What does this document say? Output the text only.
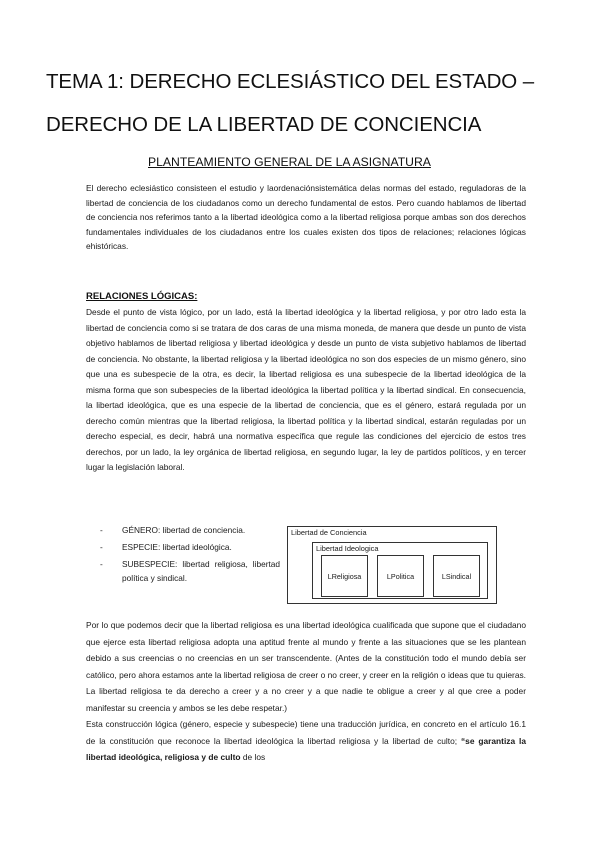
TEMA 1: DERECHO ECLESIÁSTICO DEL ESTADO –
DERECHO DE LA LIBERTAD DE CONCIENCIA
PLANTEAMIENTO GENERAL DE LA ASIGNATURA

El derecho eclesiástico consisteen el estudio y laordenaciónsistemática delas normas del estado, reguladoras de la libertad de conciencia de los ciudadanos como un derecho fundamental de estos. Pero cuando hablamos de libertad de conciencia nos referimos tanto a la libertad ideológica como a la libertad religiosa porque ambas son dos derechos fundamentales individuales de los ciudadanos entre los cuales existen dos tipos de relaciones; relaciones lógicas ehistóricas.

RELACIONES LÓGICAS:

Desde el punto de vista lógico, por un lado, está la libertad ideológica y la libertad religiosa, y por otro lado esta la libertad de conciencia como si se tratara de dos caras de una misma moneda, de manera que desde un punto de vista objetivo hablamos de libertad religiosa y libertad ideológica y desde un punto de vista subjetivo hablamos de libertad de conciencia. No obstante, la libertad religiosa y la libertad ideológica no son dos especies de un mismo género, sino que una es subespecie de la otra, es decir, la libertad religiosa es una subespecie de la libertad ideológica de la misma forma que son subespecies de la libertad ideológica la libertad política y la libertad sindical. En consecuencia, la libertad ideológica, que es una especie de la libertad de conciencia, que es el género, estará regulada por un derecho común mientras que la libertad religiosa, la libertad política y la libertad sindical, estarán reguladas por un derecho especial, es decir, habrá una normativa específica que regule las condiciones del ejercicio de estos tres derechos, por un lado, la ley orgánica de libertad religiosa, en segundo lugar, la ley de partidos políticos, y en tercer lugar la legislación laboral.

- GÉNERO: libertad de conciencia.
- ESPECIE: libertad ideológica.
- SUBESPECIE: libertad religiosa, libertad política y sindical.
Libertad de Conciencia
Libertad Ideologica
LReligiosa	LPolitica	LSindical
Por lo que podemos decir que la libertad religiosa es una libertad ideológica cualificada que supone que el ciudadano que ejerce esta libertad religiosa adopta una aptitud frente al mundo y frente a las situaciones que se les plantean debido a sus creencias o no creencias en un ser transcendente. (Antes de la constitución todo el mundo debía ser católico, pero ahora estamos ante la libertad religiosa de creer o no creer, y creer en la religión o ideas que tu quieras. La libertad religiosa te da derecho a creer y a no creer y a que nadie te obligue a creer y al que cree a poder manifestar su creencia y ambos se les debe respetar.)
Esta construcción lógica (género, especie y subespecie) tiene una traducción jurídica, en concreto en el artículo 16.1 de la constitución que reconoce la libertad ideológica la libertad religiosa y la libertad de culto; “se garantiza la libertad ideológica, religiosa y de culto de los
